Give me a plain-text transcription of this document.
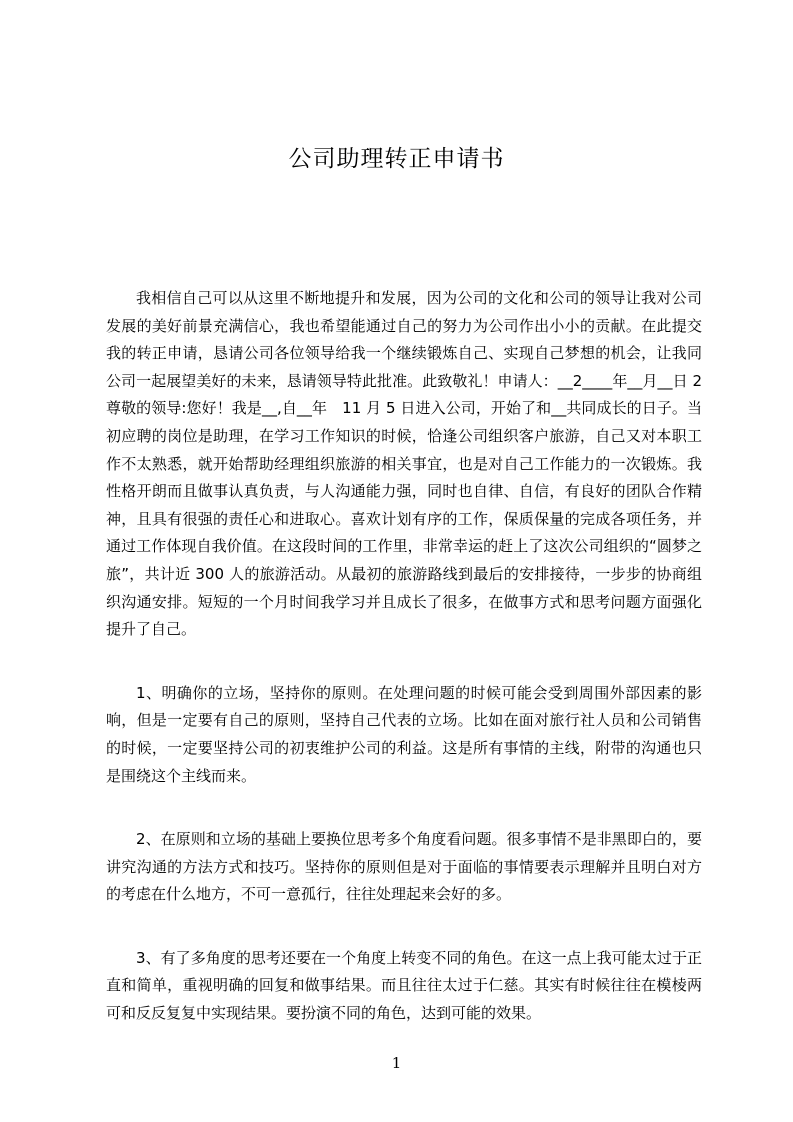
公司助理转正申请书

我相信自己可以从这里不断地提升和发展，因为公司的文化和公司的领导让我对公司发展的美好前景充满信心，我也希望能通过自己的努力为公司作出小小的贡献。在此提交我的转正申请，恳请公司各位领导给我一个继续锻炼自己、实现自己梦想的机会，让我同公司一起展望美好的未来，恳请领导特此批准。此致敬礼！申请人：__2____年__月__日 2 尊敬的领导:您好！我是__,自__年　11 月 5 日进入公司，开始了和__共同成长的日子。当初应聘的岗位是助理，在学习工作知识的时候，恰逢公司组织客户旅游，自己又对本职工作不太熟悉，就开始帮助经理组织旅游的相关事宜，也是对自己工作能力的一次锻炼。我性格开朗而且做事认真负责，与人沟通能力强，同时也自律、自信，有良好的团队合作精神，且具有很强的责任心和进取心。喜欢计划有序的工作，保质保量的完成各项任务，并通过工作体现自我价值。在这段时间的工作里，非常幸运的赶上了这次公司组织的“圆梦之旅”，共计近 300 人的旅游活动。从最初的旅游路线到最后的安排接待，一步步的协商组织沟通安排。短短的一个月时间我学习并且成长了很多，在做事方式和思考问题方面强化提升了自己。

1、明确你的立场，坚持你的原则。在处理问题的时候可能会受到周围外部因素的影响，但是一定要有自己的原则，坚持自己代表的立场。比如在面对旅行社人员和公司销售的时候，一定要坚持公司的初衷维护公司的利益。这是所有事情的主线，附带的沟通也只是围绕这个主线而来。

2、在原则和立场的基础上要换位思考多个角度看问题。很多事情不是非黑即白的，要讲究沟通的方法方式和技巧。坚持你的原则但是对于面临的事情要表示理解并且明白对方的考虑在什么地方，不可一意孤行，往往处理起来会好的多。

3、有了多角度的思考还要在一个角度上转变不同的角色。在这一点上我可能太过于正直和简单，重视明确的回复和做事结果。而且往往太过于仁慈。其实有时候往往在模棱两可和反反复复中实现结果。要扮演不同的角色，达到可能的效果。

1
